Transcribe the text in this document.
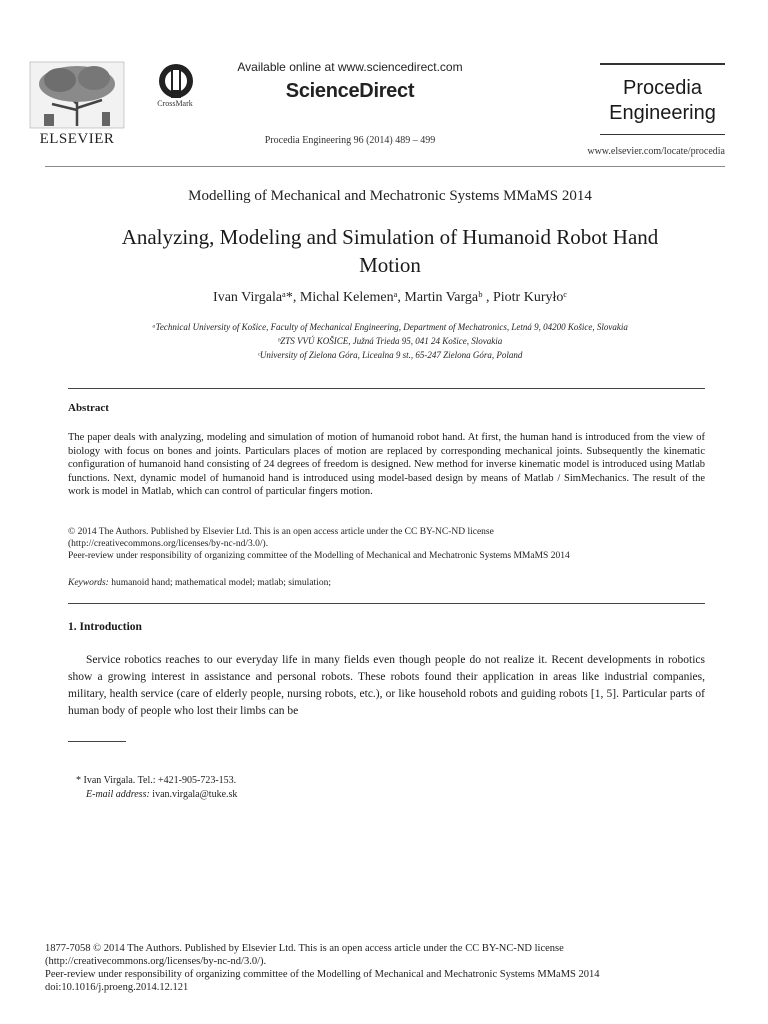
ELSEVIER
CrossMark
Available online at www.sciencedirect.com
ScienceDirect
Procedia Engineering 96 (2014) 489 – 499
Procedia
Engineering
www.elsevier.com/locate/procedia
Modelling of Mechanical and Mechatronic Systems MMaMS 2014
Analyzing, Modeling and Simulation of Humanoid Robot Hand
Motion
Ivan Virgalaᵃ*, Michal Kelemenᵃ, Martin Vargaᵇ , Piotr Kuryłoᶜ
ᵃTechnical University of Košice, Faculty of Mechanical Engineering, Department of Mechatronics, Letná 9, 04200 Košice, Slovakia
ᵇZTS VVÚ KOŠICE, Južná Trieda 95, 041 24 Košice, Slovakia
ᶜUniversity of Zielona Góra, Licealna 9 st., 65-247 Zielona Góra, Poland
Abstract
The paper deals with analyzing, modeling and simulation of motion of humanoid robot hand. At first, the human hand is introduced from the view of biology with focus on bones and joints. Particulars places of motion are replaced by corresponding mechanical joints. Subsequently the kinematic configuration of humanoid hand consisting of 24 degrees of freedom is designed. New method for inverse kinematic model is introduced using Matlab functions. Next, dynamic model of humanoid hand is introduced using model-based design by means of Matlab / SimMechanics. The result of the work is model in Matlab, which can control of particular fingers motion.
© 2014 The Authors. Published by Elsevier Ltd. This is an open access article under the CC BY-NC-ND license
(http://creativecommons.org/licenses/by-nc-nd/3.0/).
Peer-review under responsibility of organizing committee of the Modelling of Mechanical and Mechatronic Systems MMaMS 2014
Keywords: humanoid hand; mathematical model; matlab; simulation;
1. Introduction
Service robotics reaches to our everyday life in many fields even though people do not realize it. Recent developments in robotics show a growing interest in assistance and personal robots. These robots found their application in areas like industrial companies, military, health service (care of elderly people, nursing robots, etc.), or like household robots and guiding robots [1, 5]. Particular parts of human body of people who lost their limbs can be
* Ivan Virgala. Tel.: +421-905-723-153.
E-mail address: ivan.virgala@tuke.sk
1877-7058 © 2014 The Authors. Published by Elsevier Ltd. This is an open access article under the CC BY-NC-ND license
(http://creativecommons.org/licenses/by-nc-nd/3.0/).
Peer-review under responsibility of organizing committee of the Modelling of Mechanical and Mechatronic Systems MMaMS 2014
doi:10.1016/j.proeng.2014.12.121
